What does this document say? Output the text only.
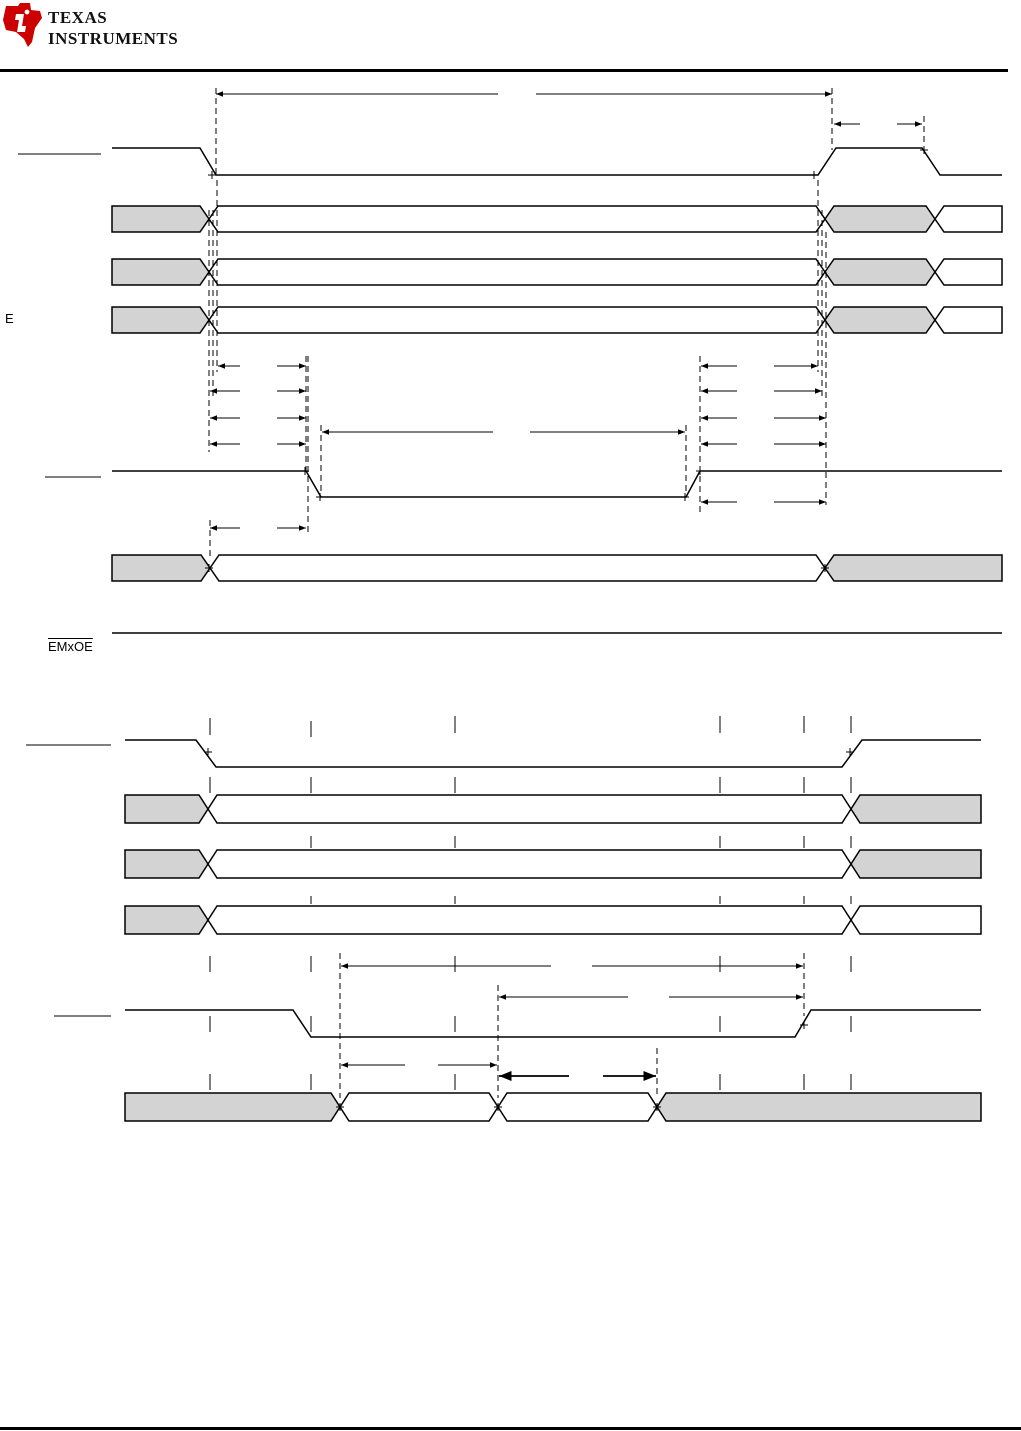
TEXAS
INSTRUMENTS
E
EMxOE
